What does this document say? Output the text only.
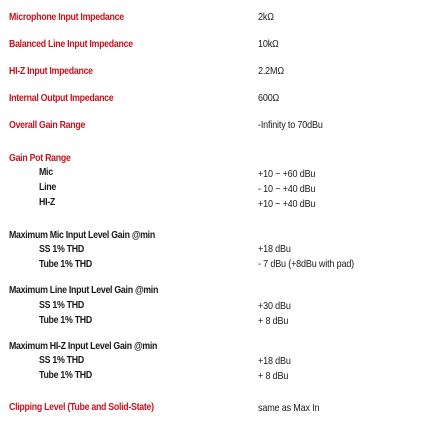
Microphone Input Impedance	2kΩ

Balanced Line Input Impedance	10kΩ

HI-Z Input Impedance	2.2MΩ

Internal Output Impedance	600Ω

Overall Gain Range	-Infinity to 70dBu

Gain Pot Range

Mic	+10 ~ +60 dBu

Line	- 10 ~ +40 dBu

HI-Z	+10 ~ +40 dBu

Maximum Mic Input Level Gain @min

SS 1% THD	+18 dBu

Tube 1% THD	- 7 dBu (+8dBu with pad)

Maximum Line Input Level Gain @min

SS 1% THD	+30 dBu

Tube 1% THD	+ 8 dBu

Maximum HI-Z Input Level Gain @min

SS 1% THD	+18 dBu

Tube 1% THD	+ 8 dBu

Clipping Level (Tube and Solid-State)	same as Max In
